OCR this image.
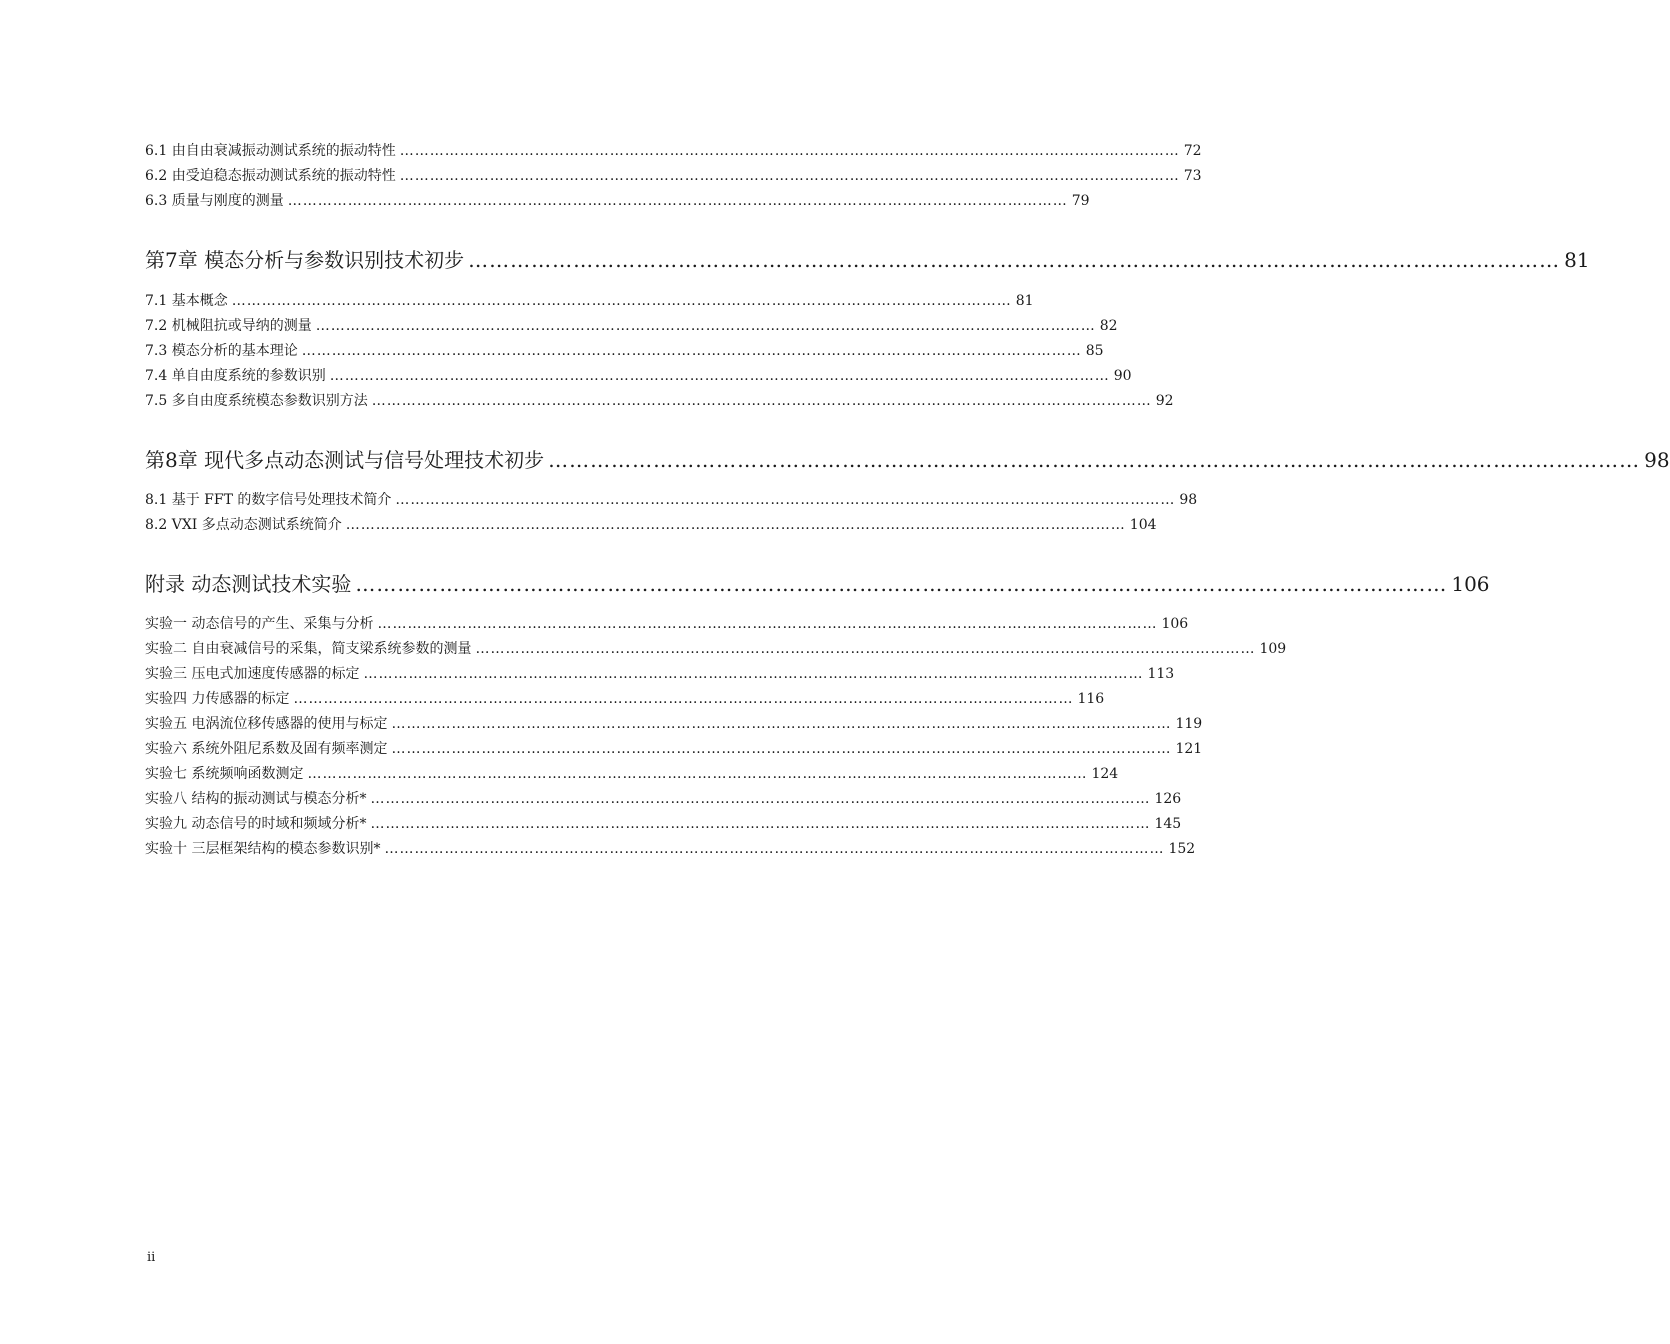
6.1 由自由衰减振动测试系统的振动特性 ………………………………………………………………………………………………………………………………………… 72
6.2 由受迫稳态振动测试系统的振动特性 ………………………………………………………………………………………………………………………………………… 73
6.3 质量与刚度的测量 ………………………………………………………………………………………………………………………………………… 79
第7章 模态分析与参数识别技术初步 ………………………………………………………………………………………………………………………………………… 81
7.1 基本概念 ………………………………………………………………………………………………………………………………………… 81
7.2 机械阻抗或导纳的测量 ………………………………………………………………………………………………………………………………………… 82
7.3 模态分析的基本理论 ………………………………………………………………………………………………………………………………………… 85
7.4 单自由度系统的参数识别 ………………………………………………………………………………………………………………………………………… 90
7.5 多自由度系统模态参数识别方法 ………………………………………………………………………………………………………………………………………… 92
第8章 现代多点动态测试与信号处理技术初步 ………………………………………………………………………………………………………………………………………… 98
8.1 基于 FFT 的数字信号处理技术简介 ………………………………………………………………………………………………………………………………………… 98
8.2 VXI 多点动态测试系统简介 ………………………………………………………………………………………………………………………………………… 104
附录 动态测试技术实验 ………………………………………………………………………………………………………………………………………… 106
实验一 动态信号的产生、采集与分析 ………………………………………………………………………………………………………………………………………… 106
实验二 自由衰减信号的采集，简支梁系统参数的测量 ………………………………………………………………………………………………………………………………………… 109
实验三 压电式加速度传感器的标定 ………………………………………………………………………………………………………………………………………… 113
实验四 力传感器的标定 ………………………………………………………………………………………………………………………………………… 116
实验五 电涡流位移传感器的使用与标定 ………………………………………………………………………………………………………………………………………… 119
实验六 系统外阻尼系数及固有频率测定 ………………………………………………………………………………………………………………………………………… 121
实验七 系统频响函数测定 ………………………………………………………………………………………………………………………………………… 124
实验八 结构的振动测试与模态分析* ………………………………………………………………………………………………………………………………………… 126
实验九 动态信号的时域和频域分析* ………………………………………………………………………………………………………………………………………… 145
实验十 三层框架结构的模态参数识别* ………………………………………………………………………………………………………………………………………… 152
ii
